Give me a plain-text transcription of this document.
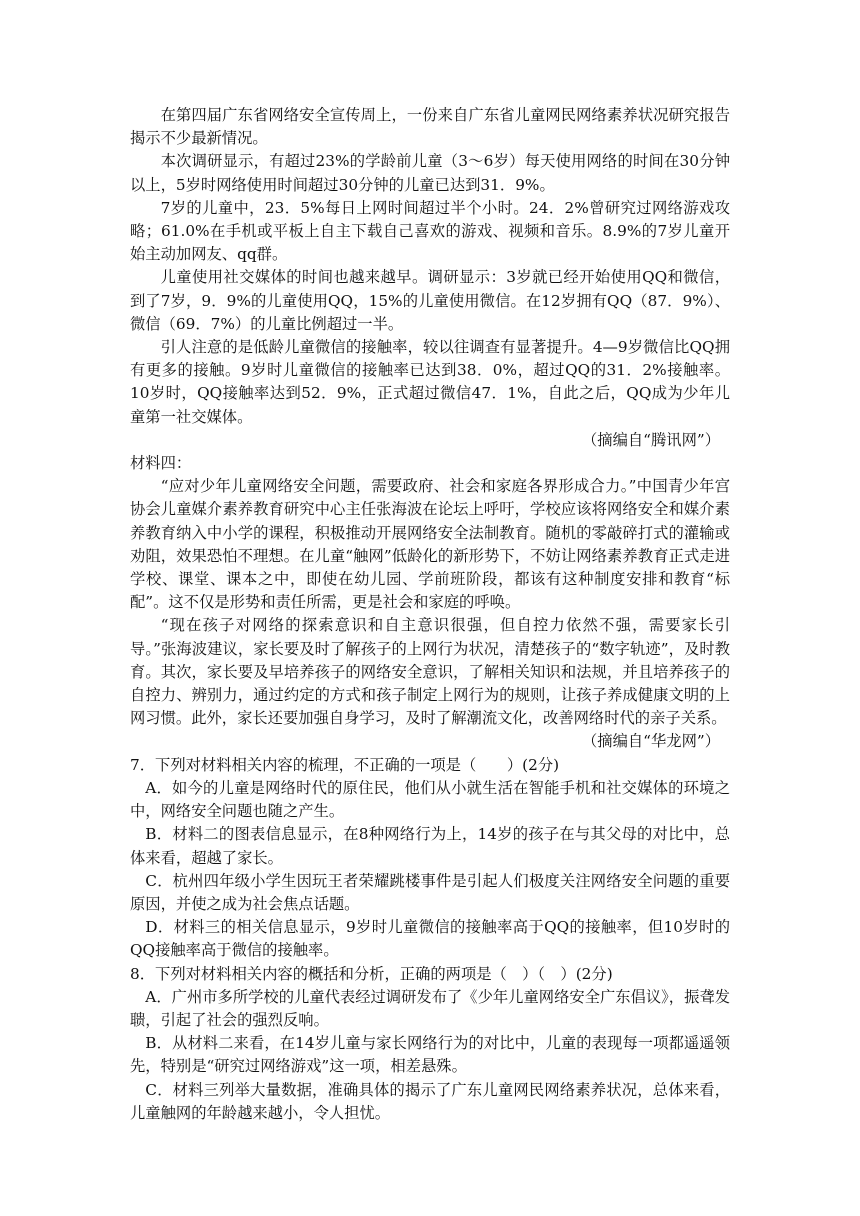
在第四届广东省网络安全宣传周上，一份来自广东省儿童网民网络素养状况研究报告揭示不少最新情况。

本次调研显示，有超过23%的学龄前儿童（3～6岁）每天使用网络的时间在30分钟以上，5岁时网络使用时间超过30分钟的儿童已达到31．9%。

7岁的儿童中，23．5%每日上网时间超过半个小时。24．2%曾研究过网络游戏攻略；61.0%在手机或平板上自主下载自己喜欢的游戏、视频和音乐。8.9%的7岁儿童开始主动加网友、qq群。

儿童使用社交媒体的时间也越来越早。调研显示：3岁就已经开始使用QQ和微信，到了7岁，9．9%的儿童使用QQ，15%的儿童使用微信。在12岁拥有QQ（87．9%）、微信（69．7%）的儿童比例超过一半。

引人注意的是低龄儿童微信的接触率，较以往调查有显著提升。4—9岁微信比QQ拥有更多的接触。9岁时儿童微信的接触率已达到38．0%，超过QQ的31．2%接触率。10岁时，QQ接触率达到52．9%，正式超过微信47．1%，自此之后，QQ成为少年儿童第一社交媒体。

（摘编自“腾讯网”）

材料四：

“应对少年儿童网络安全问题，需要政府、社会和家庭各界形成合力。”中国青少年宫协会儿童媒介素养教育研究中心主任张海波在论坛上呼吁，学校应该将网络安全和媒介素养教育纳入中小学的课程，积极推动开展网络安全法制教育。随机的零敲碎打式的灌输或劝阻，效果恐怕不理想。在儿童“触网”低龄化的新形势下，不妨让网络素养教育正式走进学校、课堂、课本之中，即使在幼儿园、学前班阶段，都该有这种制度安排和教育“标配”。这不仅是形势和责任所需，更是社会和家庭的呼唤。

“现在孩子对网络的探索意识和自主意识很强，但自控力依然不强，需要家长引导。”张海波建议，家长要及时了解孩子的上网行为状况，清楚孩子的“数字轨迹”，及时教育。其次，家长要及早培养孩子的网络安全意识，了解相关知识和法规，并且培养孩子的自控力、辨别力，通过约定的方式和孩子制定上网行为的规则，让孩子养成健康文明的上网习惯。此外，家长还要加强自身学习，及时了解潮流文化，改善网络时代的亲子关系。

（摘编自“华龙网”）

7．下列对材料相关内容的梳理，不正确的一项是（　　）(2分)

A．如今的儿童是网络时代的原住民，他们从小就生活在智能手机和社交媒体的环境之中，网络安全问题也随之产生。

B．材料二的图表信息显示，在8种网络行为上，14岁的孩子在与其父母的对比中，总体来看，超越了家长。

C．杭州四年级小学生因玩王者荣耀跳楼事件是引起人们极度关注网络安全问题的重要原因，并使之成为社会焦点话题。

D．材料三的相关信息显示，9岁时儿童微信的接触率高于QQ的接触率，但10岁时的QQ接触率高于微信的接触率。

8．下列对材料相关内容的概括和分析，正确的两项是（　）（　）(2分)

A．广州市多所学校的儿童代表经过调研发布了《少年儿童网络安全广东倡议》，振聋发聩，引起了社会的强烈反响。

B．从材料二来看，在14岁儿童与家长网络行为的对比中，儿童的表现每一项都遥遥领先，特别是“研究过网络游戏”这一项，相差悬殊。

C．材料三列举大量数据，准确具体的揭示了广东儿童网民网络素养状况，总体来看，儿童触网的年龄越来越小，令人担忧。
